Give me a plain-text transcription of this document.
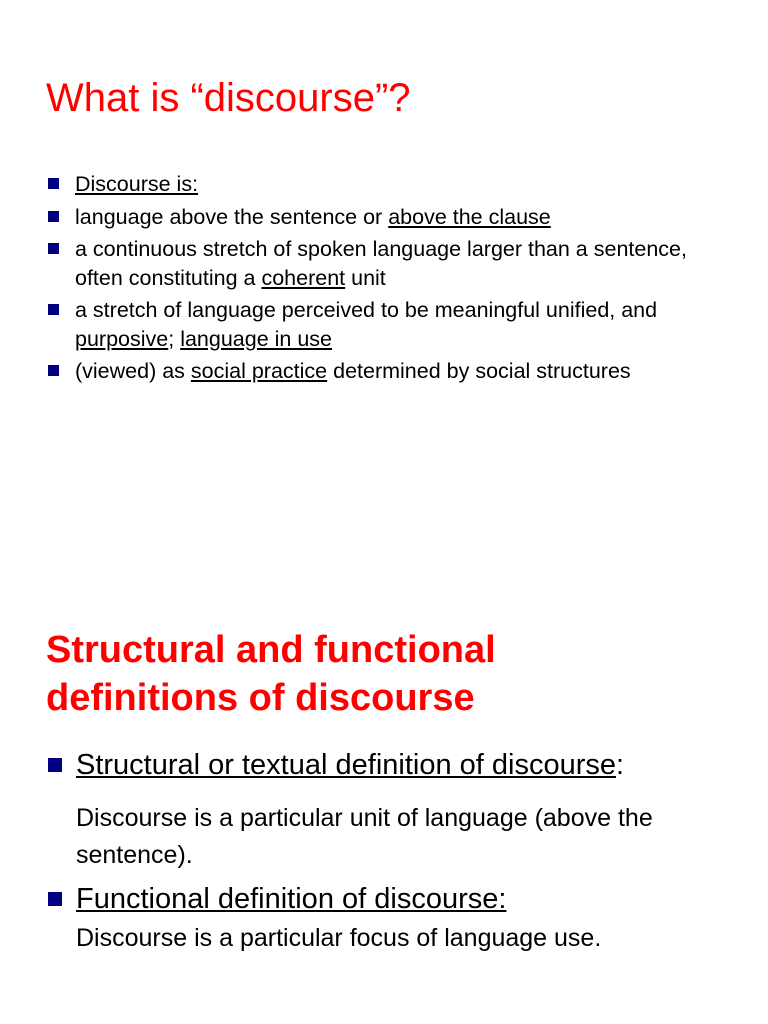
What is “discourse”?
Discourse is:
language above the sentence or above the clause
a continuous stretch of spoken language larger than a sentence, often constituting a coherent unit
a stretch of language perceived to be meaningful unified, and purposive; language in use
(viewed) as social practice determined by social structures
Structural and functional
definitions of discourse
Structural or textual definition of discourse:
Discourse is a particular unit of language (above the sentence).
Functional definition of discourse:
Discourse is a particular focus of language use.
